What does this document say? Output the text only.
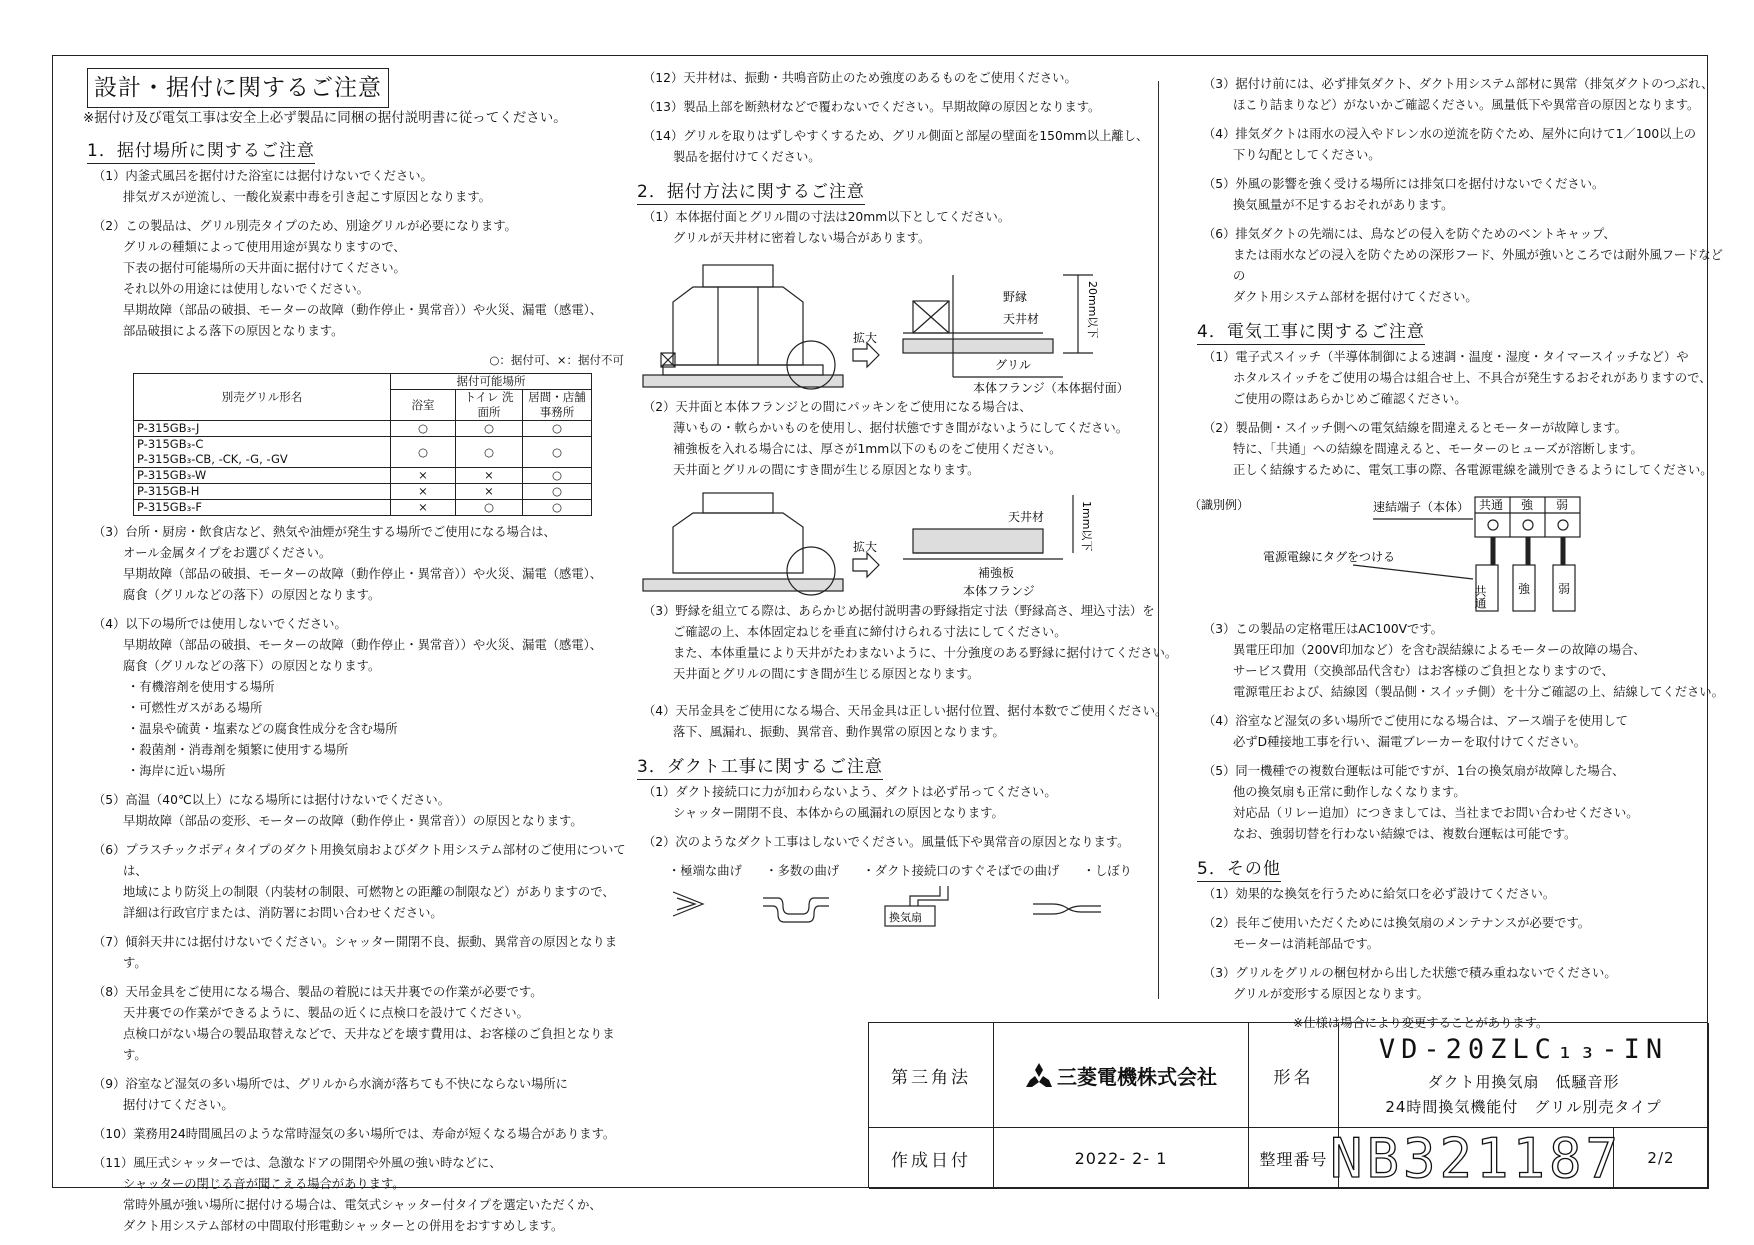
設計・据付に関するご注意 ※据付け及び電気工事は安全上必ず製品に同梱の据付説明書に従ってください。
1．据付場所に関するご注意
（1）内釜式風呂を据付けた浴室には据付けないでください。
排気ガスが逆流し、一酸化炭素中毒を引き起こす原因となります。
（2）この製品は、グリル別売タイプのため、別途グリルが必要になります。
グリルの種類によって使用用途が異なりますので、
下表の据付可能場所の天井面に据付けてください。
それ以外の用途には使用しないでください。
早期故障（部品の破損、モーターの故障（動作停止・異常音））や火災、漏電（感電）、
部品破損による落下の原因となります。
○：据付可、×：据付不可
別売グリル形名	据付可能場所		
	浴室	トイレ 洗面所	居間・店舗 事務所
P-315GB₃-J	○	○	○
P-315GB₃-C
P-315GB₃-CB, -CK, -G, -GV	○	○	○
P-315GB₃-W	×	×	○
P-315GB-H	×	×	○
P-315GB₃-F	×	○	○
（3）台所・厨房・飲食店など、熱気や油煙が発生する場所でご使用になる場合は、
オール金属タイプをお選びください。
早期故障（部品の破損、モーターの故障（動作停止・異常音））や火災、漏電（感電）、
腐食（グリルなどの落下）の原因となります。
（4）以下の場所では使用しないでください。
早期故障（部品の破損、モーターの故障（動作停止・異常音））や火災、漏電（感電）、
腐食（グリルなどの落下）の原因となります。
・有機溶剤を使用する場所
・可燃性ガスがある場所
・温泉や硫黄・塩素などの腐食性成分を含む場所
・殺菌剤・消毒剤を頻繁に使用する場所
・海岸に近い場所
（5）高温（40℃以上）になる場所には据付けないでください。
早期故障（部品の変形、モーターの故障（動作停止・異常音））の原因となります。
（6）プラスチックボディタイプのダクト用換気扇およびダクト用システム部材のご使用については、
地域により防災上の制限（内装材の制限、可燃物との距離の制限など）がありますので、
詳細は行政官庁または、消防署にお問い合わせください。
（7）傾斜天井には据付けないでください。シャッター開閉不良、振動、異常音の原因となります。
（8）天吊金具をご使用になる場合、製品の着脱には天井裏での作業が必要です。
天井裏での作業ができるように、製品の近くに点検口を設けてください。
点検口がない場合の製品取替えなどで、天井などを壊す費用は、お客様のご負担となります。
（9）浴室など湿気の多い場所では、グリルから水滴が落ちても不快にならない場所に
据付けてください。
（10）業務用24時間風呂のような常時湿気の多い場所では、寿命が短くなる場合があります。
（11）風圧式シャッターでは、急激なドアの開閉や外風の強い時などに、
シャッターの閉じる音が聞こえる場合があります。
常時外風が強い場所に据付ける場合は、電気式シャッター付タイプを選定いただくか、
ダクト用システム部材の中間取付形電動シャッターとの併用をおすすめします。
（12）天井材は、振動・共鳴音防止のため強度のあるものをご使用ください。
（13）製品上部を断熱材などで覆わないでください。早期故障の原因となります。
（14）グリルを取りはずしやすくするため、グリル側面と部屋の壁面を150mm以上離し、
製品を据付けてください。
2．据付方法に関するご注意
（1）本体据付面とグリル間の寸法は20mm以下としてください。
グリルが天井材に密着しない場合があります。
拡大
野縁
天井材
グリル
本体フランジ（本体据付面）
20mm以下
（2）天井面と本体フランジとの間にパッキンをご使用になる場合は、
薄いもの・軟らかいものを使用し、据付状態ですき間がないようにしてください。
補強板を入れる場合には、厚さが1mm以下のものをご使用ください。
天井面とグリルの間にすき間が生じる原因となります。
拡大
天井材
補強板
本体フランジ
1mm以下
（3）野縁を組立てる際は、あらかじめ据付説明書の野縁指定寸法（野縁高さ、埋込寸法）を
ご確認の上、本体固定ねじを垂直に締付けられる寸法にしてください。
また、本体重量により天井がたわまないように、十分強度のある野縁に据付けてください。
天井面とグリルの間にすき間が生じる原因となります。
（4）天吊金具をご使用になる場合、天吊金具は正しい据付位置、据付本数でご使用ください。
落下、風漏れ、振動、異常音、動作異常の原因となります。
3．ダクト工事に関するご注意
（1）ダクト接続口に力が加わらないよう、ダクトは必ず吊ってください。
シャッター開閉不良、本体からの風漏れの原因となります。
（2）次のようなダクト工事はしないでください。風量低下や異常音の原因となります。
・極端な曲げ ・多数の曲げ ・ダクト接続口のすぐそばでの曲げ ・しぼり
換気扇
（3）据付け前には、必ず排気ダクト、ダクト用システム部材に異常（排気ダクトのつぶれ、
ほこり詰まりなど）がないかご確認ください。風量低下や異常音の原因となります。
（4）排気ダクトは雨水の浸入やドレン水の逆流を防ぐため、屋外に向けて1／100以上の
下り勾配としてください。
（5）外風の影響を強く受ける場所には排気口を据付けないでください。
換気風量が不足するおそれがあります。
（6）排気ダクトの先端には、鳥などの侵入を防ぐためのベントキャップ、
または雨水などの浸入を防ぐための深形フード、外風が強いところでは耐外風フードなどの
ダクト用システム部材を据付けてください。
4．電気工事に関するご注意
（1）電子式スイッチ（半導体制御による速調・温度・湿度・タイマースイッチなど）や
ホタルスイッチをご使用の場合は組合せ上、不具合が発生するおそれがありますので、
ご使用の際はあらかじめご確認ください。
（2）製品側・スイッチ側への電気結線を間違えるとモーターが故障します。
特に、「共通」への結線を間違えると、モーターのヒューズが溶断します。
正しく結線するために、電気工事の際、各電源電線を識別できるようにしてください。
（識別例）	速結端子（本体） 共通 強 弱
電源電線にタグをつける
共通	強 弱
（3）この製品の定格電圧はAC100Vです。
異電圧印加（200V印加など）を含む誤結線によるモーターの故障の場合、
サービス費用（交換部品代含む）はお客様のご負担となりますので、
電源電圧および、結線図（製品側・スイッチ側）を十分ご確認の上、結線してください。
（4）浴室など湿気の多い場所でご使用になる場合は、アース端子を使用して
必ずD種接地工事を行い、漏電ブレーカーを取付けてください。
（5）同一機種での複数台運転は可能ですが、1台の換気扇が故障した場合、
他の換気扇も正常に動作しなくなります。
対応品（リレー追加）につきましては、当社までお問い合わせください。
なお、強弱切替を行わない結線では、複数台運転は可能です。
5．その他
（1）効果的な換気を行うために給気口を必ず設けてください。
（2）長年ご使用いただくためには換気扇のメンテナンスが必要です。
モーターは消耗部品です。
（3）グリルをグリルの梱包材から出した状態で積み重ねないでください。
グリルが変形する原因となります。
※仕様は場合により変更することがあります。
第三角法	三菱電機株式会社	形名
VD-20ZLC₁₃-IN
ダクト用換気扇　低騒音形
24時間換気機能付　グリル別売タイプ
作成日付	2022- 2- 1	整理番号 NB321187	2/2
